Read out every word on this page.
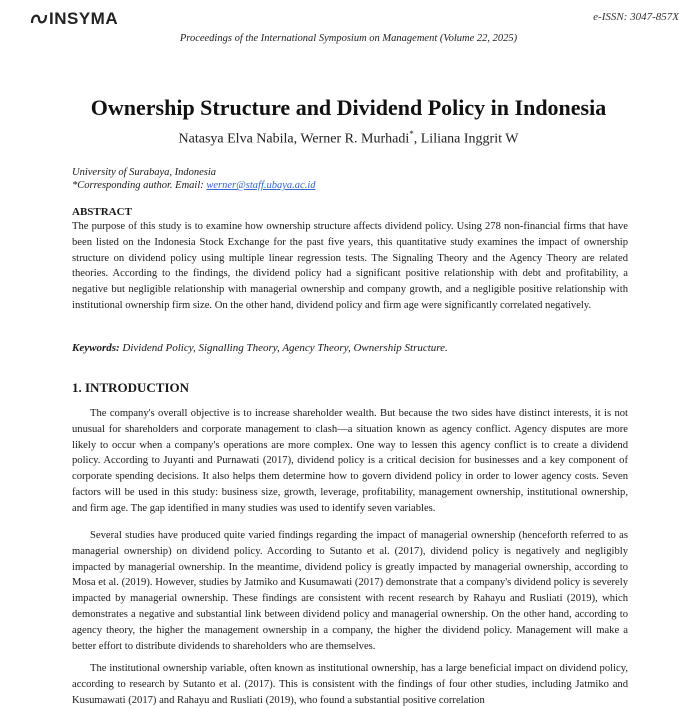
INSYMA	e-ISSN: 3047-857X
Proceedings of the International Symposium on Management (Volume 22, 2025)
Ownership Structure and Dividend Policy in Indonesia
Natasya Elva Nabila, Werner R. Murhadi*, Liliana Inggrit W
University of Surabaya, Indonesia
*Corresponding author. Email: werner@staff.ubaya.ac.id
ABSTRACT
The purpose of this study is to examine how ownership structure affects dividend policy. Using 278 non-financial firms that have been listed on the Indonesia Stock Exchange for the past five years, this quantitative study examines the impact of ownership structure on dividend policy using multiple linear regression tests. The Signaling Theory and the Agency Theory are related theories. According to the findings, the dividend policy had a significant positive relationship with debt and profitability, a negative but negligible relationship with managerial ownership and company growth, and a negligible positive relationship with institutional ownership firm size. On the other hand, dividend policy and firm age were significantly correlated negatively.
Keywords: Dividend Policy, Signalling Theory, Agency Theory, Ownership Structure.
1. INTRODUCTION
The company's overall objective is to increase shareholder wealth. But because the two sides have distinct interests, it is not unusual for shareholders and corporate management to clash—a situation known as agency conflict. Agency disputes are more likely to occur when a company's operations are more complex. One way to lessen this agency conflict is to create a dividend policy. According to Juyanti and Purnawati (2017), dividend policy is a critical decision for businesses and a key component of corporate spending decisions. It also helps them determine how to govern dividend policy in order to lower agency costs. Seven factors will be used in this study: business size, growth, leverage, profitability, management ownership, institutional ownership, and firm age. The gap identified in many studies was used to identify seven variables.
Several studies have produced quite varied findings regarding the impact of managerial ownership (henceforth referred to as managerial ownership) on dividend policy. According to Sutanto et al. (2017), dividend policy is negatively and negligibly impacted by managerial ownership. In the meantime, dividend policy is greatly impacted by managerial ownership, according to Mosa et al. (2019). However, studies by Jatmiko and Kusumawati (2017) demonstrate that a company's dividend policy is severely impacted by managerial ownership. These findings are consistent with recent research by Rahayu and Rusliati (2019), which demonstrates a negative and substantial link between dividend policy and managerial ownership. On the other hand, according to agency theory, the higher the management ownership in a company, the higher the dividend policy. Management will make a better effort to distribute dividends to shareholders who are themselves.
The institutional ownership variable, often known as institutional ownership, has a large beneficial impact on dividend policy, according to research by Sutanto et al. (2017). This is consistent with the findings of four other studies, including Jatmiko and Kusumawati (2017) and Rahayu and Rusliati (2019), who found a substantial positive correlation
